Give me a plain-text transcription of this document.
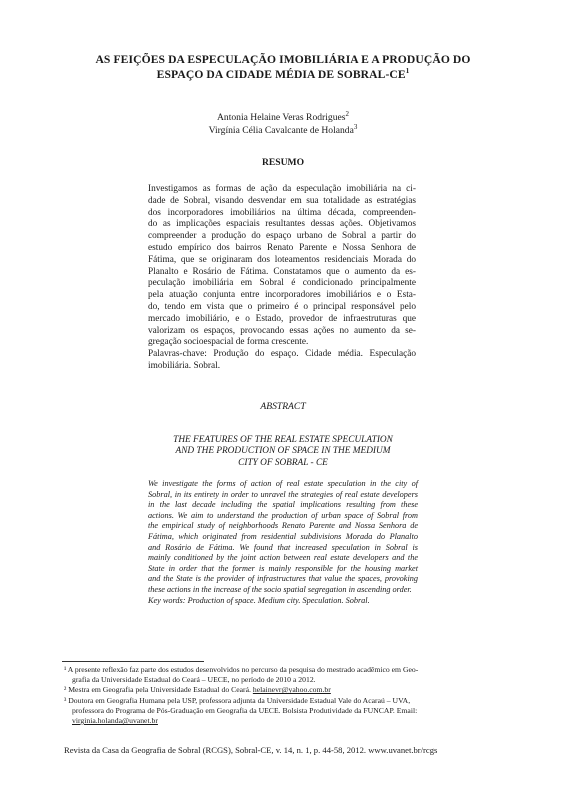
AS FEIÇÕES DA ESPECULAÇÃO IMOBILIÁRIA E A PRODUÇÃO DO
ESPAÇO DA CIDADE MÉDIA DE SOBRAL-$CE^1$
Antonia Helaine Veras Rodrigues$^2$
Virgínia Célia Cavalcante de Holanda$^3$
RESUMO
Investigamos as formas de ação da especulação imobiliária na ci-
dade de Sobral, visando desvendar em sua totalidade as estratégias
dos incorporadores imobiliários na última década, compreenden-
do as implicações espaciais resultantes dessas ações. Objetivamos
compreender a produção do espaço urbano de Sobral a partir do
estudo empírico dos bairros Renato Parente e Nossa Senhora de
Fátima, que se originaram dos loteamentos residenciais Morada do
Planalto e Rosário de Fátima. Constatamos que o aumento da es-
peculação imobiliária em Sobral é condicionado principalmente
pela atuação conjunta entre incorporadores imobiliários e o Esta-
do, tendo em vista que o primeiro é o principal responsável pelo
mercado imobiliário, e o Estado, provedor de infraestruturas que
valorizam os espaços, provocando essas ações no aumento da se-
gregação socioespacial de forma crescente.
Palavras-chave: Produção do espaço. Cidade média. Especulação
imobiliária. Sobral.
ABSTRACT
THE FEATURES OF THE REAL ESTATE SPECULATION
AND THE PRODUCTION OF SPACE IN THE MEDIUM
CITY OF SOBRAL - CE
We investigate the forms of action of real estate speculation in the city of
Sobral, in its entirety in order to unravel the strategies of real estate developers
in the last decade including the spatial implications resulting from these
actions. We aim to understand the production of urban space of Sobral from
the empirical study of neighborhoods Renato Parente and Nossa Senhora de
Fátima, which originated from residential subdivisions Morada do Planalto
and Rosário de Fátima. We found that increased speculation in Sobral is
mainly conditioned by the joint action between real estate developers and the
State in order that the former is mainly responsible for the housing market
and the State is the provider of infrastructures that value the spaces, provoking
these actions in the increase of the socio spatial segregation in ascending order.
Key words: Production of space. Medium city. Speculation. Sobral.
¹ A presente reflexão faz parte dos estudos desenvolvidos no percurso da pesquisa do mestrado acadêmico em Geo-
grafia da Universidade Estadual do Ceará – UECE, no período de 2010 a 2012.
² Mestra em Geografia pela Universidade Estadual do Ceará. helainevr@yahoo.com.br
³ Doutora em Geografia Humana pela USP, professora adjunta da Universidade Estadual Vale do Acaraú – UVA,
professora do Programa de Pós-Graduação em Geografia da UECE. Bolsista Produtividade da FUNCAP. Email:
virginia.holanda@uvanet.br
Revista da Casa da Geografia de Sobral (RCGS), Sobral-CE, v. 14, n. 1, p. 44-58, 2012. www.uvanet.br/rcgs
